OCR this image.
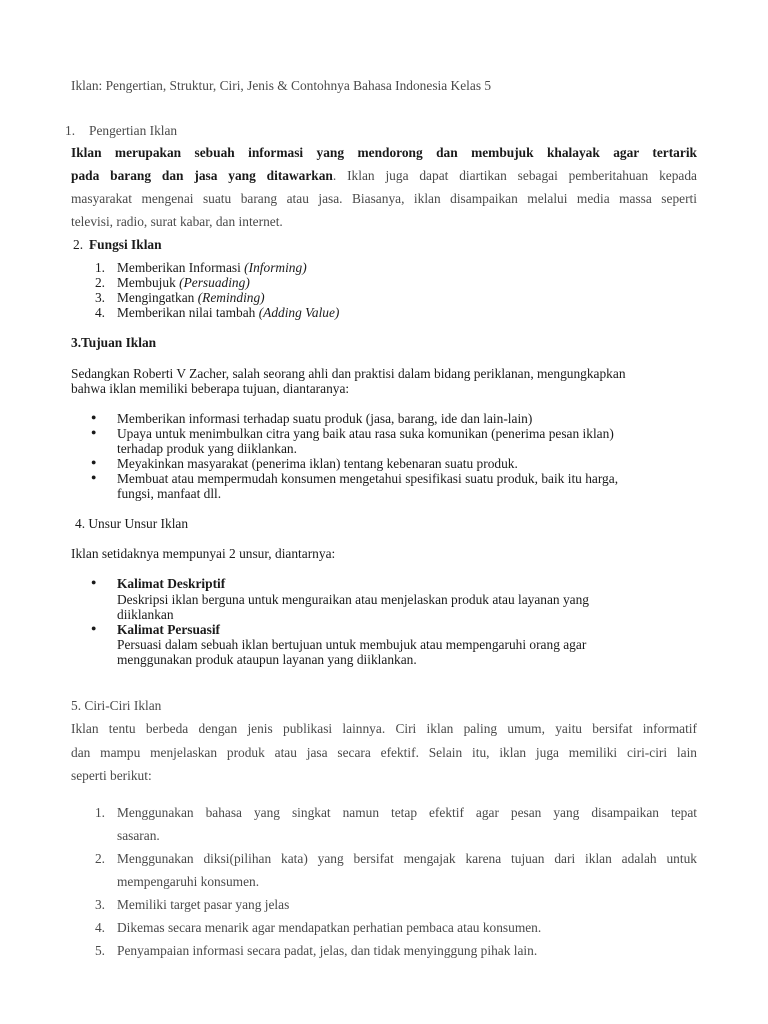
Iklan: Pengertian, Struktur, Ciri, Jenis & Contohnya Bahasa Indonesia Kelas 5
1. Pengertian Iklan
Iklan merupakan sebuah informasi yang mendorong dan membujuk khalayak agar tertarik
pada barang dan jasa yang ditawarkan. Iklan juga dapat diartikan sebagai pemberitahuan kepada
masyarakat mengenai suatu barang atau jasa. Biasanya, iklan disampaikan melalui media massa seperti
televisi, radio, surat kabar, dan internet.
2. Fungsi Iklan
1. Memberikan Informasi (Informing)
2. Membujuk (Persuading)
3. Mengingatkan (Reminding)
4. Memberikan nilai tambah (Adding Value)
3.Tujuan Iklan
Sedangkan Roberti V Zacher, salah seorang ahli dan praktisi dalam bidang periklanan, mengungkapkan
bahwa iklan memiliki beberapa tujuan, diantaranya:
● Memberikan informasi terhadap suatu produk (jasa, barang, ide dan lain-lain)
● Upaya untuk menimbulkan citra yang baik atau rasa suka komunikan (penerima pesan iklan)
terhadap produk yang diiklankan.
● Meyakinkan masyarakat (penerima iklan) tentang kebenaran suatu produk.
● Membuat atau mempermudah konsumen mengetahui spesifikasi suatu produk, baik itu harga,
fungsi, manfaat dll.
4. Unsur Unsur Iklan
Iklan setidaknya mempunyai 2 unsur, diantarnya:
● Kalimat Deskriptif
Deskripsi iklan berguna untuk menguraikan atau menjelaskan produk atau layanan yang
diiklankan
● Kalimat Persuasif
Persuasi dalam sebuah iklan bertujuan untuk membujuk atau mempengaruhi orang agar
menggunakan produk ataupun layanan yang diiklankan.
5. Ciri-Ciri Iklan
Iklan tentu berbeda dengan jenis publikasi lainnya. Ciri iklan paling umum, yaitu bersifat informatif
dan mampu menjelaskan produk atau jasa secara efektif. Selain itu, iklan juga memiliki ciri-ciri lain
seperti berikut:
1. Menggunakan bahasa yang singkat namun tetap efektif agar pesan yang disampaikan tepat
sasaran.
2. Menggunakan diksi(pilihan kata) yang bersifat mengajak karena tujuan dari iklan adalah untuk
mempengaruhi konsumen.
3. Memiliki target pasar yang jelas
4. Dikemas secara menarik agar mendapatkan perhatian pembaca atau konsumen.
5. Penyampaian informasi secara padat, jelas, dan tidak menyinggung pihak lain.
